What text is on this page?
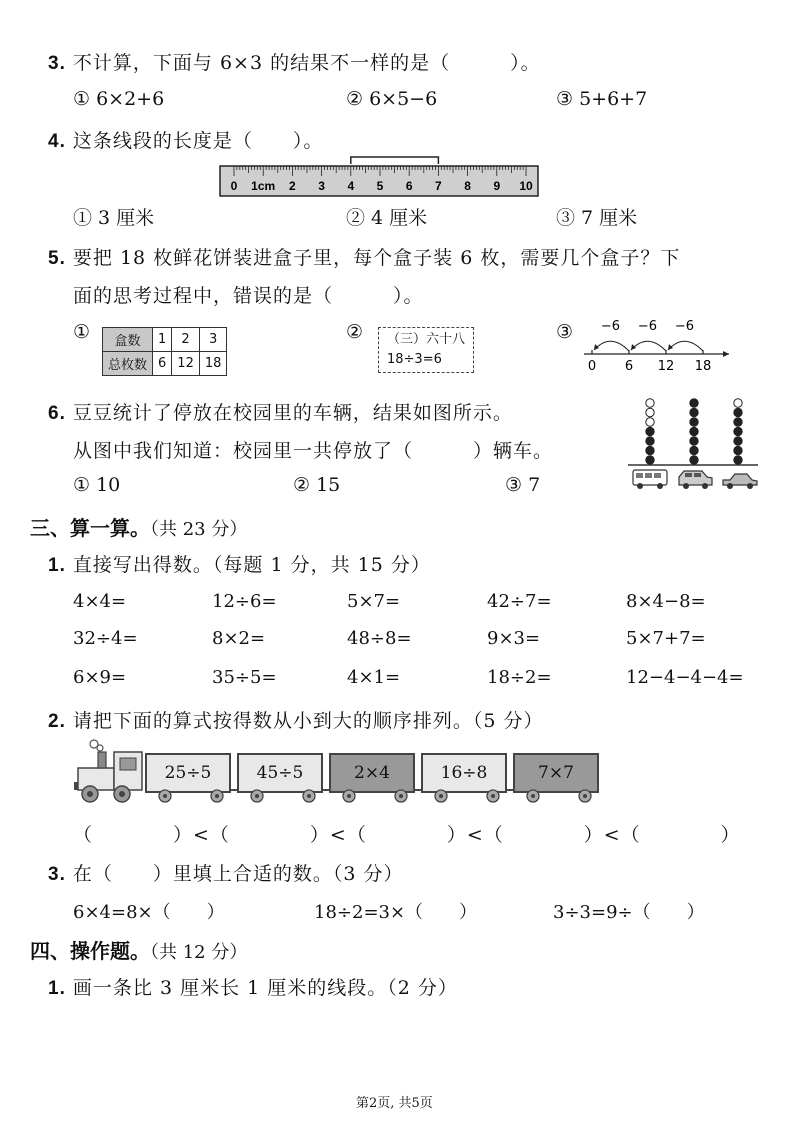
3. 不计算，下面与 6×3 的结果不一样的是（　　　）。
① 6×2+6	② 6×5−6	③ 5+6+7
4. 这条线段的长度是（　　）。
0 1cm 2 3 4 5 6 7 8 9 10
① 3 厘米	② 4 厘米	③ 7 厘米
5. 要把 18 枚鲜花饼装进盒子里，每个盒子装 6 枚，需要几个盒子？下
面的思考过程中，错误的是（　　　）。
① 盒数	1	2	3
总枚数	6	12	18
② （三）六十八
18÷3=6
③
0 6 12 18
−6
−6
−6
6. 豆豆统计了停放在校园里的车辆，结果如图所示。
从图中我们知道：校园里一共停放了（　　　）辆车。
① 10	② 15	③ 7
三、算一算。（共 23 分）
1. 直接写出得数。（每题 1 分，共 15 分）
4×4=	12÷6=	5×7=	42÷7=	8×4−8=
32÷4=	8×2=	48÷8=	9×3=	5×7+7=
6×9=	35÷5=	4×1=	18÷2=	12−4−4−4=
2. 请把下面的算式按得数从小到大的顺序排列。（5 分）
25÷5	45÷5	2×4	16÷8	7×7
（　　　　）<（　　　　）<（　　　　）<（　　　　）<（　　　　）
3. 在（　　）里填上合适的数。（3 分）
6×4=8×（　　）	18÷2=3×（　　）	3÷3=9÷（　　）
四、操作题。（共 12 分）
1. 画一条比 3 厘米长 1 厘米的线段。（2 分）
第2页, 共5页
